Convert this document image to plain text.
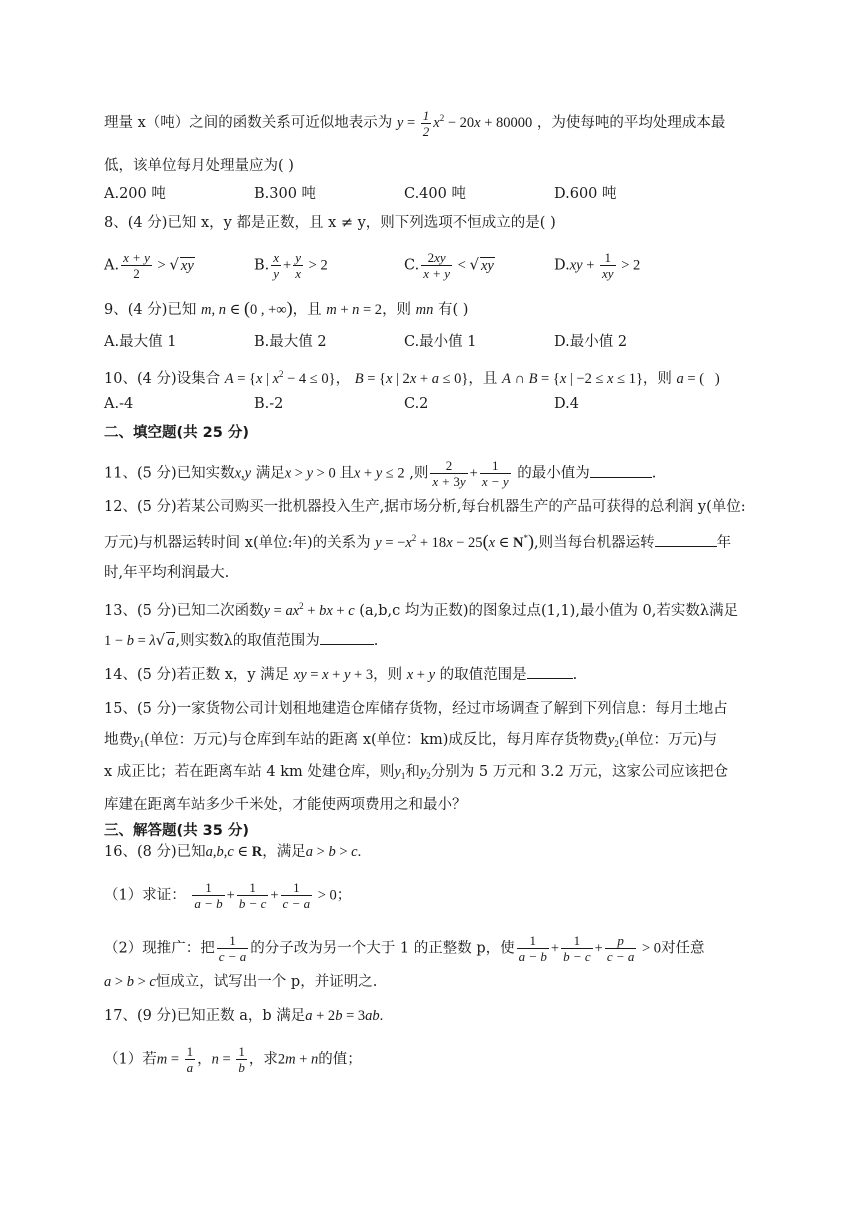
理量 x（吨）之间的函数关系可近似地表示为 $y = \frac{1}{2} x^2 - 20x + 80000$ ，为使每吨的平均处理成本最
低，该单位每月处理量应为( )
A.200 吨	B.300 吨	C.400 吨	D.600 吨
8、(4 分)已知 x，y 都是正数，且 x ≠ y，则下列选项不恒成立的是( )
A. $\frac{x + y}{2}$ > √ xy	B. $\frac{x}{y} + \frac{y}{x} > 2$	C. $\frac{2xy}{x + y}$ < √ xy	$D.xy + \frac{1}{xy} > 2$
9、(4 分)已知 m, n ∈ (0 , +∞)，且 m + n = 2，则 mn 有( )
A.最大值 1	B.最大值 2	C.最小值 1	D.最小值 2
10、(4 分)设集合 A = {x | $x^2 - 4 \le 0$}， B = {x | 2x + a ≤ 0}，且 A ∩ B = {x | −2 ≤ x ≤ 1}，则 a = (   )
A.-4	B.-2	C.2	D.4
二、填空题(共 25 分)
11、(5 分)已知实数x,y 满足x > y > 0 且x + y ≤ 2 ,则 $\frac{2}{x + 3y} + \frac{1}{x - y}$ 的最小值为	.
12、(5 分)若某公司购买一批机器投入生产,据市场分析,每台机器生产的产品可获得的总利润 y(单位:
万元)与机器运转时间 x(单位:年)的关系为 $y = -x^2 + 18x - 25(x$ ∈ N*),则当每台机器运转	年
时,年平均利润最大.
13、(5 分)已知二次函数$y = ax^2$ + bx + c (a,b,c 均为正数)的图象过点(1,1),最小值为 0,若实数λ满足
1 − b = λ√ a,则实数λ的取值范围为	.
14、(5 分)若正数 x，y 满足 xy = x + y + 3，则 x + y 的取值范围是	.
15、(5 分)一家货物公司计划租地建造仓库储存货物，经过市场调查了解到下列信息：每月土地占
地费$y_1$(单位：万元)与仓库到车站的距离 x(单位：km)成反比，每月库存货物费$y_2$(单位：万元)与
x 成正比；若在距离车站 4 km 处建仓库，则$y_1$和$y_2$分别为 5 万元和 3.2 万元，这家公司应该把仓
库建在距离车站多少千米处，才能使两项费用之和最小？
三、解答题(共 35 分)
16、(8 分)已知a,b,c ∈ R，满足a > b > c.
（1）求证： $\frac{1}{a - b} + \frac{1}{b - c} + \frac{1}{c - a} > 0$；
（2）现推广：把 $\frac{1}{c - a}$ 的分子改为另一个大于 1 的正整数 p，使 $\frac{1}{a - b} + \frac{1}{b - c} + \frac{p}{c - a} > 0$对任意
a > b > c恒成立，试写出一个 p，并证明之.
17、(9 分)已知正数 a，b 满足a + 2b = 3ab.
（1）若$m = \frac{1}{a}$ ，$n = \frac{1}{b}$ ，求2m + n的值；
